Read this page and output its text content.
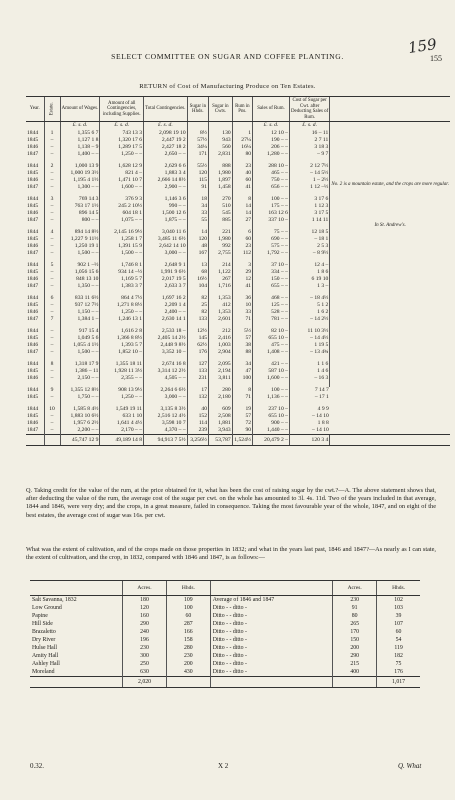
SELECT COMMITTEE ON SUGAR AND COFFEE PLANTING.	155
159
RETURN of Cost of Manufacturing Produce on Ten Estates.
Year.	Estate.	Amount of Wages.	Amount of all Contingencies, including Supplies.	Total Contingencies.	Sugar in Hhds.	Sugar in Cwts.	Rum in Pns.	Sales of Rum.	Cost of Sugar per Cwt. after Deducting Sales of Rum.	
		£. s. d.	£. s. d.	£. s. d.				£. s. d.	£. s. d.	No. 2 is a mountain estate, and the crops are more regular.
In St. Andrew's.

1844	1	1,355 6 7	743 13 3	2,098 19 10	8½	130	1	12 10 –	16 – 11	
1845	–	1,127 1 8	1,320 17 6	2,447 19 2	57½	943	27¼	190 – –	2 7 11	
1846	–	1,138 – 9	1,289 17 5	2,427 18 2	34¼	560	16¼	206 – –	3 18 3	
1847	–	1,400 – –	1,250 – –	2,650 – –	171	2,831	80	1,280 – –	– 9 7	

1844	2	1,000 13 9	1,628 12 9	2,629 6 6	55½	888	23	288 10 –	2 12 7½	
1845	–	1,000 19 3½	821 4 –	1,883 3 4	120	1,980	40	465 – –	– 14 5½	
1846	–	1,195 4 1½	1,471 10 7	2,666 14 8½	115	1,897	60	750 – –	1 – 2½	
1847	–	1,300 – –	1,600 – –	2,900 – –	91	1,458	41	656 – –	1 12 –½	

1844	3	769 14 3	376 9 3	1,146 3 6	18	270	8	100 – –	3 17 6	
1845	–	763 17 1½	245 2 10½	990 – –	34	510	14	175 – –	1 12 3	
1846	–	896 14 5	604 18 1	1,500 12 6	33	545	14	163 12 6	3 17 5	
1847	–	800 – –	1,075 – –	1,875 – –	55	885	27	337 10 –	1 14 11	

1844	4	894 14 8½	2,145 16 9½	3,040 11 6	14	221	6	75 – –	12 18 5	
1845	–	1,227 9 11½	1,258 1 7	3,485 11 6½	120	1,980	60	690 – –	– 18 1	
1846	–	1,250 19 1	1,391 15 9	2,642 14 10	48	992	23	575 – –	2 5 3	
1847	–	1,500 – –	1,500 – –	3,000 – –	167	2,755	112	1,792 – –	– 8 9½	

1844	5	902 1 –½	1,746 8 1	2,648 9 1	13	214	3	37 10 –	12 4 –	
1845	–	1,056 15 6	934 14 –½	1,991 9 6½	68	1,122	29	334 – –	1 8 6	
1846	–	848 13 10	1,169 5 7	2,017 19 5	16½	267	12	150 – –	6 19 10	
1847	–	1,350 – –	1,383 3 7	2,633 3 7	104	1,716	41	655 – –	1 3 –	

1844	6	833 11 6½	864 4 7½	1,697 16 2	82	1,353	36	468 – –	– 18 4½	
1845	–	937 12 7½	1,271 8 8½	2,209 1 4	25	412	10	125 – –	5 1 2	
1846	–	1,150 – –	1,250 – –	2,400 – –	82	1,353	33	528 – –	1 6 2	
1847	7	1,384 1 –	1,246 13 1	2,630 14 1	133	2,601	71	781 – –	– 14 2½	

1844	–	917 15 4	1,616 2 8	2,533 18 –	12½	212	5½	82 10 –	11 10 3½	
1845	–	1,049 5 6	1,366 8 8½	2,405 14 2½	145	2,416	57	655 10 –	– 14 4½	
1846	–	1,055 4 1½	1,393 5 7	2,448 9 8½	62½	1,003	38	475 – –	1 19 5	
1847	–	1,500 – –	1,852 10 –	3,352 10 –	176	2,904	88	1,408 – –	– 13 4¾	

1844	8	1,318 17 9	1,355 18 11	2,674 16 8	127	2,095	34	421 – –	1 1 6	
1845	–	1,386 – 11	1,928 11 3½	3,314 12 2½	133	2,194	47	587 10 –	1 4 6	
1846	–	2,150 – –	2,355 – –	4,505 – –	231	3,811	100	1,600 – –	– 16 3	

1844	9	1,355 12 8½	908 13 9½	2,264 6 6½	17	280	8	100 – –	7 14 7	
1845	–	1,750 – –	1,250 – –	3,000 – –	132	2,180	71	1,136 – –	– 17 1	

1844	10	1,585 8 4½	1,549 19 11	3,135 8 3½	40	609	19	237 10 –	4 9 9	
1845	–	1,883 10 6½	633 1 10	2,516 12 4½	152	2,508	57	655 10 –	– 14 10	
1846	–	1,957 6 2½	1,641 4 4½	3,598 10 7	114	1,881	72	900 – –	1 8 8	
1847	–	2,200 – –	2,170 – –	4,370 – –	239	3,943	90	1,440 – –	– 14 10	
		45,747 12 9	49,189 14 8	94,913 7 5½	3,256½	53,787	1,524½	20,479 2 –	120 3 4	
Q. Taking credit for the value of the rum, at the price obtained for it, what has been the cost of raising sugar by the cwt.?—A. The above statement shows that, after deducting the value of the rum, the average cost of the sugar per cwt. on the whole has amounted to 3l. 4s. 11d. Two of the years included in that average, 1844 and 1846, were very dry; and the crops, in a great measure, failed in consequence. Taking the most favourable year of the whole, 1847, and on eight of the best estates, the average cost of sugar was 16s. per cwt.
What was the extent of cultivation, and of the crops made on those properties in 1832; and what in the years last past, 1846 and 1847?—As nearly as I can state, the extent of cultivation, and the crop, in 1832, compared with 1846 and 1847, is as follows:—
	Acres.	Hhds.		Acres.	Hhds.
Salt Savanna, 1832	180	109	Average of 1846 and 1847	230	102
Low Ground	120	100	Ditto - - ditto -	91	103
Papine	160	60	Ditto - - ditto -	80	39
Hill Side	290	287	Ditto - - ditto -	265	107
Brazaletto	240	166	Ditto - - ditto -	170	60
Dry River	196	158	Ditto - - ditto -	150	54
Hulse Hall	230	280	Ditto - - ditto -	200	119
Amity Hall	300	230	Ditto - - ditto -	290	182
Ashley Hall	250	200	Ditto - - ditto -	215	75
Moreland	630	430	Ditto - - ditto -	400	176
	2,020				1,017
0.32.	X 2	Q. What
